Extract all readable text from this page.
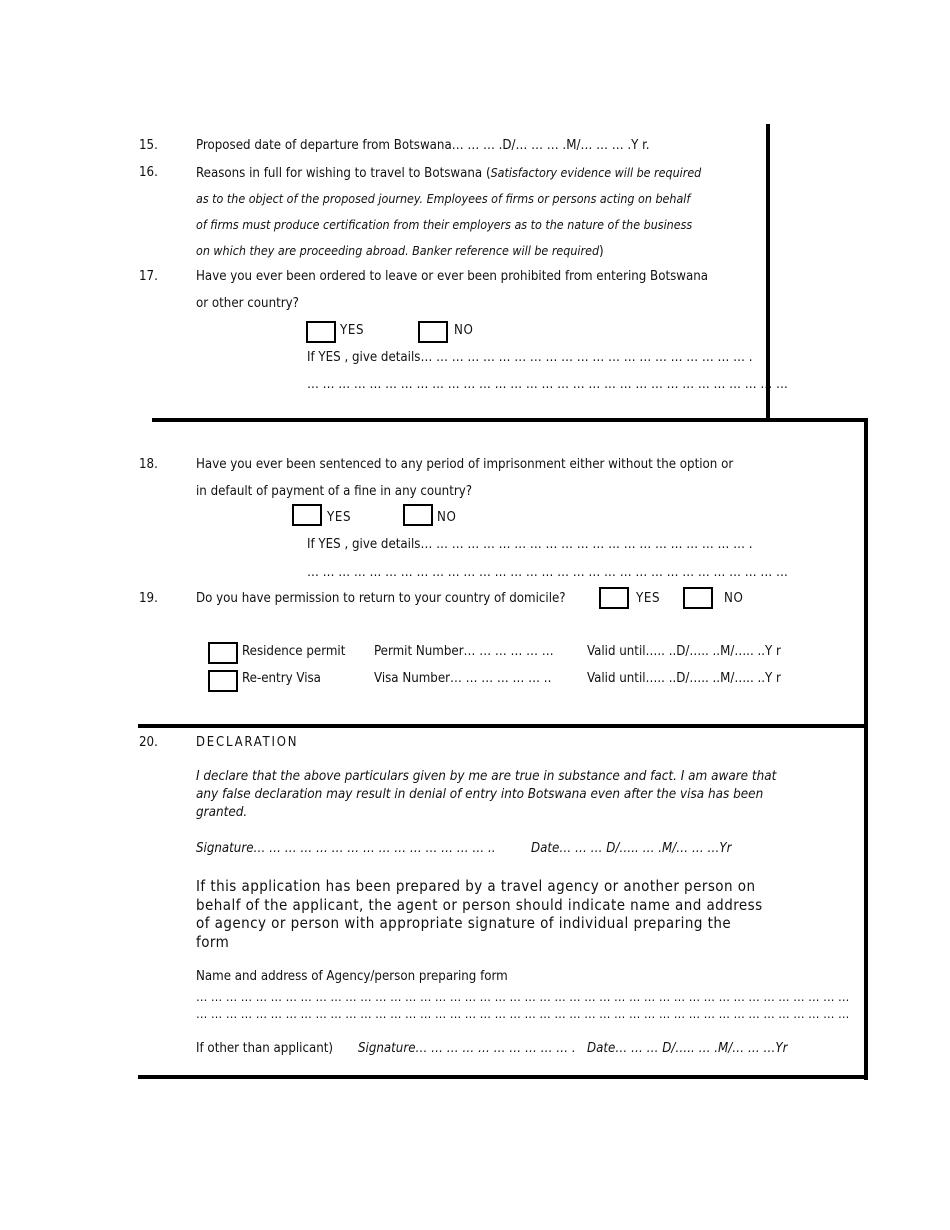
15.	Proposed date of departure from Botswana… … … .D/… … … .M/… … … .Y r.
16.	Reasons in full for wishing to travel to Botswana (Satisfactory evidence will be required
as to the object of the proposed journey. Employees of firms or persons acting on behalf
of firms must produce certification from their employers as to the nature of the business
on which they are proceeding abroad. Banker reference will be required)
17.	Have you ever been ordered to leave or ever been prohibited from entering Botswana
or other country?
YES	NO
If YES , give details… … … … … … … … … … … … … … … … … … … … … .
… … … … … … … … … … … … … … … … … … … … … … … … … … … … … … …
18.	Have you ever been sentenced to any period of imprisonment either without the option or
in default of payment of a fine in any country?
YES	NO
If YES , give details… … … … … … … … … … … … … … … … … … … … … .
… … … … … … … … … … … … … … … … … … … … … … … … … … … … … … …
19.	Do you have permission to return to your country of domicile?	YES	NO
Residence permit Permit Number… … … … … …	Valid until….. ..D/….. ..M/….. ..Y r
Re-entry Visa	Visa Number… … … … … … ..	Valid until….. ..D/….. ..M/….. ..Y r
20.	DECLARATION
I declare that the above particulars given by me are true in substance and fact. I am aware that
any false declaration may result in denial of entry into Botswana even after the visa has been
granted.
Signature… … … … … … … … … … … … … … … ..	Date… … … D/….. … .M/… … …Yr
If this application has been prepared by a travel agency or another person on
behalf of the applicant, the agent or person should indicate name and address
of agency or person with appropriate signature of individual preparing the
form
Name and address of Agency/person preparing form
… … … … … … … … … … … … … … … … … … … … … … … … … … … … … … … … … … … … … … … … … … … …
… … … … … … … … … … … … … … … … … … … … … … … … … … … … … … … … … … … … … … … … … … … …
If other than applicant) Signature… … … … … … … … … … . Date… … … D/….. … .M/… … …Yr
